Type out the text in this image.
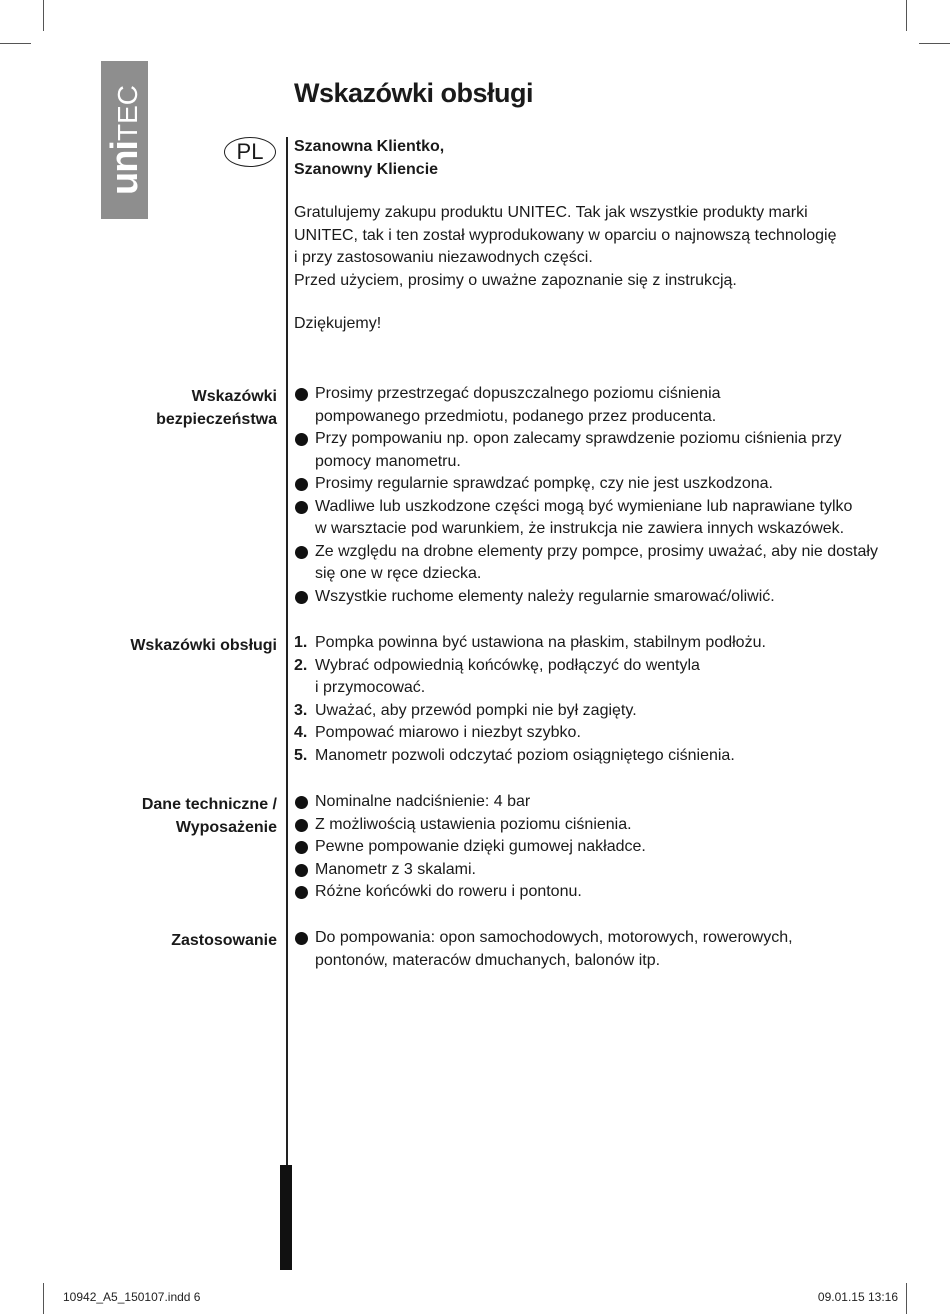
uniTEC
PL
Wskazówki obsługi
Szanowna Klientko,
Szanowny Kliencie
Gratulujemy zakupu produktu UNITEC. Tak jak wszystkie produkty marki
UNITEC, tak i ten został wyprodukowany w oparciu o najnowszą technologię
i przy zastosowaniu niezawodnych części.
Przed użyciem, prosimy o uważne zapoznanie się z instrukcją.
Dziękujemy!
Wskazówki
bezpieczeństwa
Prosimy przestrzegać dopuszczalnego poziomu ciśnienia
pompowanego przedmiotu, podanego przez producenta.
Przy pompowaniu np. opon zalecamy sprawdzenie poziomu ciśnienia przy
pomocy manometru.
Prosimy regularnie sprawdzać pompkę, czy nie jest uszkodzona.
Wadliwe lub uszkodzone części mogą być wymieniane lub naprawiane tylko
w warsztacie pod warunkiem, że instrukcja nie zawiera innych wskazówek.
Ze względu na drobne elementy przy pompce, prosimy uważać, aby nie dostały
się one w ręce dziecka.
Wszystkie ruchome elementy należy regularnie smarować/oliwić.
Wskazówki obsługi 1. Pompka powinna być ustawiona na płaskim, stabilnym podłożu.
2. Wybrać odpowiednią końcówkę, podłączyć do wentyla
i przymocować.
3. Uważać, aby przewód pompki nie był zagięty.
4. Pompować miarowo i niezbyt szybko.
5. Manometr pozwoli odczytać poziom osiągniętego ciśnienia.
Dane techniczne /
Wyposażenie
Nominalne nadciśnienie: 4 bar
Z możliwością ustawienia poziomu ciśnienia.
Pewne pompowanie dzięki gumowej nakładce.
Manometr z 3 skalami.
Różne końcówki do roweru i pontonu.
Zastosowanie Do pompowania: opon samochodowych, motorowych, rowerowych,
pontonów, materaców dmuchanych, balonów itp.
10942_A5_150107.indd 6	09.01.15 13:16
